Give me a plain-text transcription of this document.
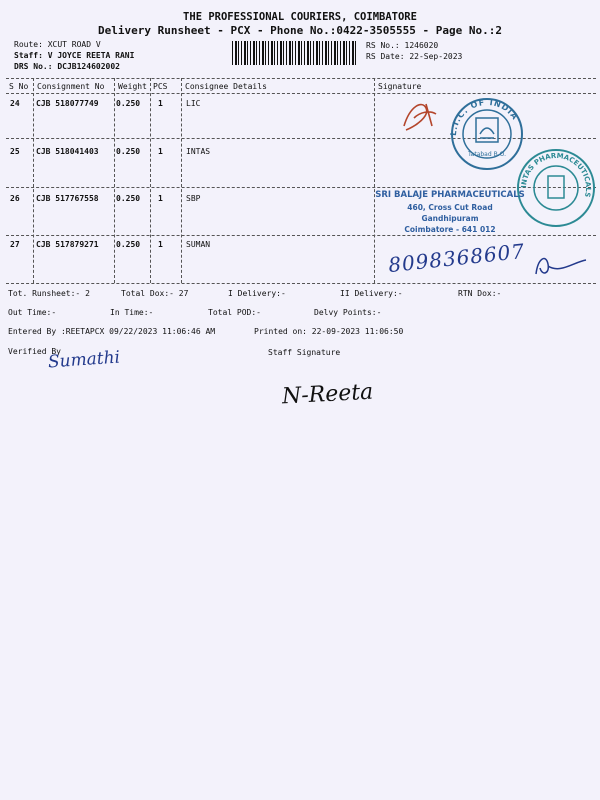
THE PROFESSIONAL COURIERS, COIMBATORE
Delivery Runsheet - PCX - Phone No.:0422-3505555 - Page No.:2
Route: XCUT ROAD V
Staff: V JOYCE REETA RANI
DRS No.: DCJB124602002
RS No.: 1246020
RS Date: 22-Sep-2023
S No Consignment No Weight PCS Consignee Details	Signature
24 CJB 518077749 0.250 1	LIC
25 CJB 518041403 0.250 1	INTAS
26 CJB 517767558 0.250 1	SBP
27 CJB 517879271 0.250 1	SUMAN
L.I.C. OF INDIA
Tatabad B.O.
INTAS PHARMACEUTICALS
SRI BALAJE PHARMACEUTICALS
460, Cross Cut Road
Gandhipuram
Coimbatore - 641 012
8098368607
Tot. Runsheet:- 2	Total Dox:- 27	I Delivery:-	II Delivery:-	RTN Dox:-
Out Time:-	In Time:-	Total POD:-	Delvy Points:-
Entered By :REETAPCX 09/22/2023 11:06:46 AM	Printed on: 22-09-2023 11:06:50
Verified By	Staff Signature
Sumathi
N-Reeta
